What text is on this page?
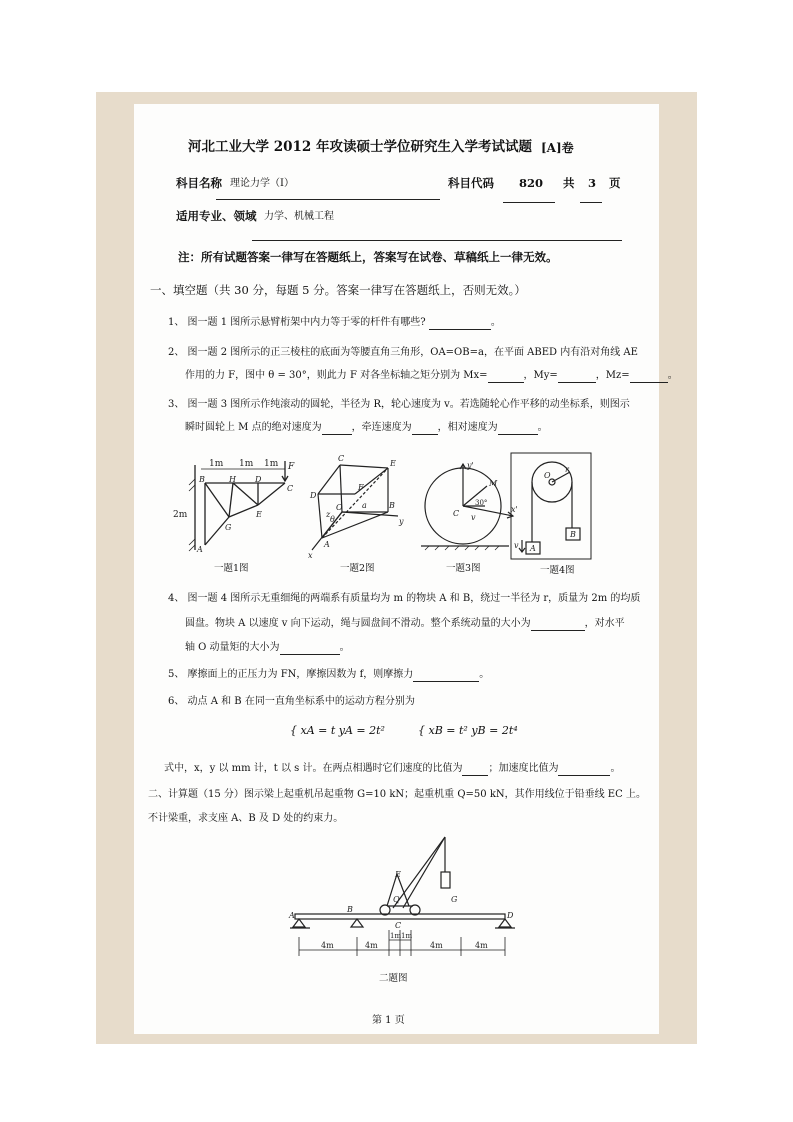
河北工业大学 2012 年攻读硕士学位研究生入学考试试题 [A]卷
科目名称 理论力学（I）	科目代码 820 共 3 页
适用专业、领域 力学、机械工程
注：所有试题答案一律写在答题纸上，答案写在试卷、草稿纸上一律无效。
一、填空题（共 30 分，每题 5 分。答案一律写在答题纸上，否则无效。）
1、 图一题 1 图所示悬臂桁架中内力等于零的杆件有哪些?	。
2、 图一题 2 图所示的正三棱柱的底面为等腰直角三角形，OA=OB=a，在平面 ABED 内有沿对角线 AE
作用的力 F，图中 θ = 30°，则此力 F 对各坐标轴之矩分别为 Mx=	，My=	，Mz=	。
3、 图一题 3 图所示作纯滚动的圆轮，半径为 R，轮心速度为 v。若选随轮心作平移的动坐标系，则图示
瞬时圆轮上 M 点的绝对速度为	，牵连速度为	，相对速度为	。
1m 1m 1m F
B	H D
C
2m
G
E
A
一题1图
C
E
D
F
A
θ
O	B
a
x
y
z
一题2图
y'
M
30°
C v
x'
一题3图
O
r
v A
B
一题4图
4、 图一题 4 图所示无重细绳的两端系有质量均为 m 的物块 A 和 B，绕过一半径为 r，质量为 2m 的均质
圆盘。物块 A 以速度 v 向下运动，绳与圆盘间不滑动。整个系统动量的大小为	，对水平
轴 O 动量矩的大小为	。
5、 摩擦面上的正压力为 FN，摩擦因数为 f，则摩擦力	。
6、 动点 A 和 B 在同一直角坐标系中的运动方程分别为
{ xA = t yA = 2t²	{ xB = t² yB = 2t⁴
式中，x，y 以 mm 计，t 以 s 计。在两点相遇时它们速度的比值为	；加速度比值为	。
二、计算题（15 分）图示梁上起重机吊起重物 G=10 kN；起重机重 Q=50 kN，其作用线位于铅垂线 EC 上。
不计梁重，求支座 A、B 及 D 处的约束力。
E
Q	G
A
B
C
D
4m	4m
1m 1m
4m	4m
二题图
第 1 页
